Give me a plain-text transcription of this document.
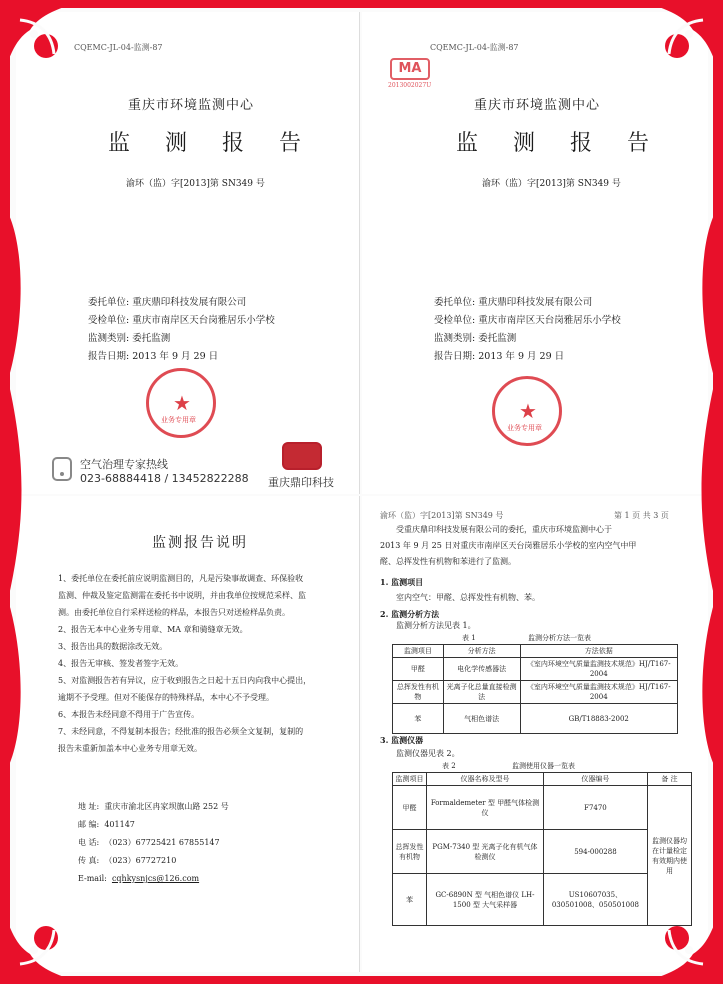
CQEMC-JL-04-监测-87
重庆市环境监测中心
监 测 报 告
渝环（监）字[2013]第 SN349 号
委托单位: 重庆鼎印科技发展有限公司
受检单位: 重庆市南岸区天台岗雅居乐小学校
监测类别: 委托监测
报告日期: 2013 年 9 月 29 日
★
业务专用章
空气治理专家热线
023-68884418 / 13452822288 重庆鼎印科技
CQEMC-JL-04-监测-87
MA
2013002027U
重庆市环境监测中心
监 测 报 告
渝环（监）字[2013]第 SN349 号
委托单位: 重庆鼎印科技发展有限公司
受检单位: 重庆市南岸区天台岗雅居乐小学校
监测类别: 委托监测
报告日期: 2013 年 9 月 29 日
★
业务专用章
监测报告说明
1、委托单位在委托前应说明监测目的，凡是污染事故调查、环保验收
监测、仲裁及鉴定监测需在委托书中说明，并由我单位按规范采样、监
测。由委托单位自行采样送检的样品，本报告只对送检样品负责。
2、报告无本中心业务专用章、MA 章和骑缝章无效。
3、报告出具的数据涂改无效。
4、报告无审核、签发者签字无效。
5、对监测报告若有异议，应于收到报告之日起十五日内向我中心提出，
逾期不予受理。但对不能保存的特殊样品，本中心不予受理。
6、本报告未经同意不得用于广告宣传。
7、未经同意，不得复制本报告；经批准的报告必须全文复制，复制的
报告未重新加盖本中心业务专用章无效。
地 址: 重庆市渝北区冉家坝旗山路 252 号
邮 编: 401147
电 话: （023）67725421 67855147
传 真: （023）67727210
E-mail: cqhkysnjcs@126.com
渝环（监）字[2013]第 SN349 号	第 1 页 共 3 页
受重庆鼎印科技发展有限公司的委托，重庆市环境监测中心于
2013 年 9 月 25 日对重庆市南岸区天台岗雅居乐小学校的室内空气中甲
醛、总挥发性有机物和苯进行了监测。
1. 监测项目
室内空气：甲醛、总挥发性有机物、苯。
2. 监测分析方法
监测分析方法见表 1。
表 1	监测分析方法一览表
监测项目	分析方法	方法依据
甲醛	电化学传感器法	《室内环境空气质量监测技术规范》HJ/T167-2004
总挥发性有机物	光离子化总量直接检测法	《室内环境空气质量监测技术规范》HJ/T167-2004
苯	气相色谱法	GB/T18883-2002
3. 监测仪器
监测仪器见表 2。
表 2	监测使用仪器一览表
监测项目	仪器名称及型号	仪器编号	备 注
甲醛	Formaldemeter 型 甲醛气体检测仪	F7470	监测仪器均在计量检定有效期内使用
总挥发性有机物	PGM-7340 型 光离子化有机气体检测仪	594-000288	
苯	GC-6890N 型 气相色谱仪 LH-1500 型 大气采样器	US10607035、030501008、050501008	
